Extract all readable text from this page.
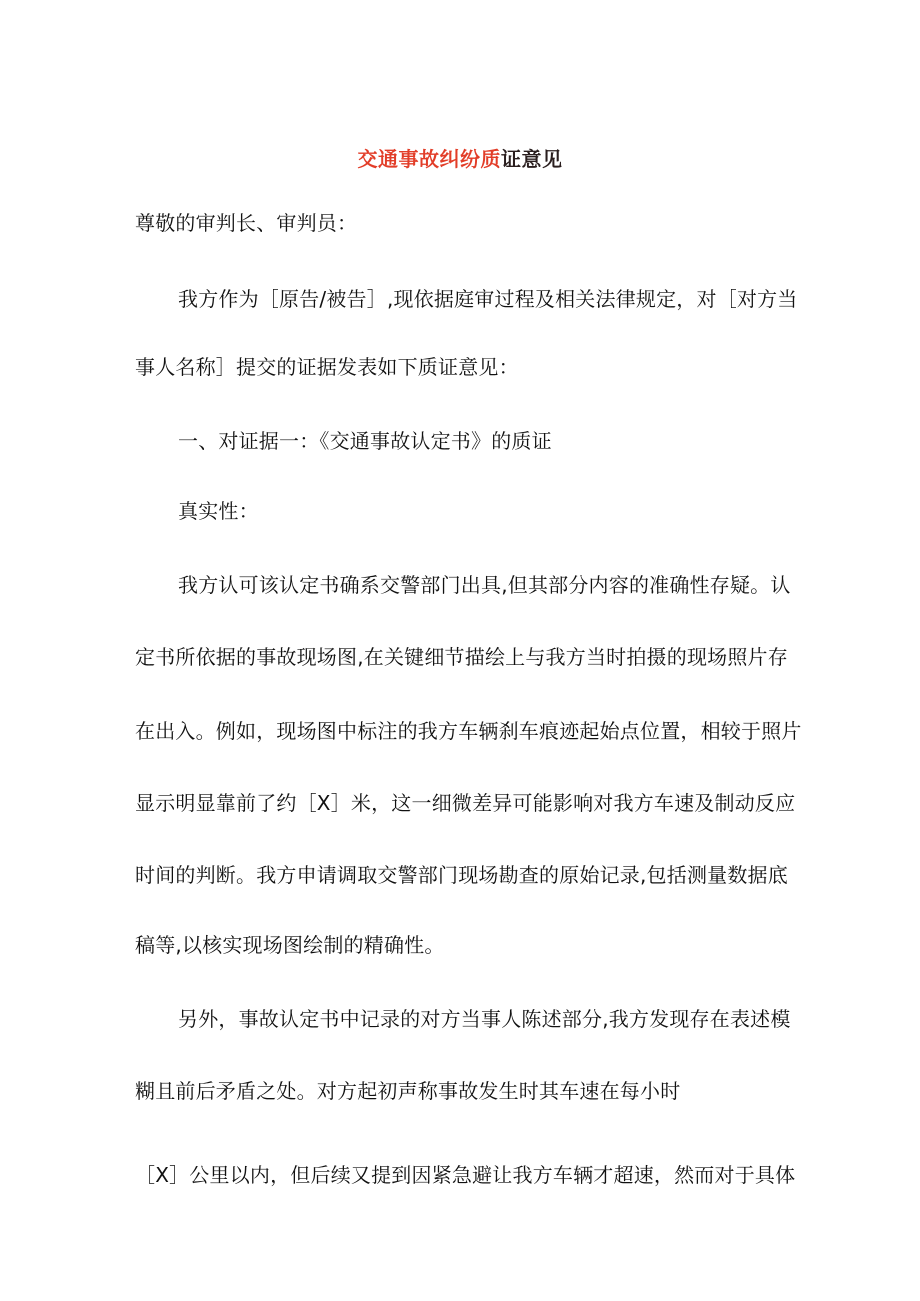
交通事故纠纷质证意见
尊敬的审判长、审判员：
我方作为［原告/被告］,现依据庭审过程及相关法律规定，对［对方当
事人名称］提交的证据发表如下质证意见：
一、对证据一：《交通事故认定书》的质证
真实性：
我方认可该认定书确系交警部门出具,但其部分内容的准确性存疑。认
定书所依据的事故现场图,在关键细节描绘上与我方当时拍摄的现场照片存
在出入。例如，现场图中标注的我方车辆刹车痕迹起始点位置，相较于照片
显示明显靠前了约［X］米，这一细微差异可能影响对我方车速及制动反应
时间的判断。我方申请调取交警部门现场勘查的原始记录,包括测量数据底
稿等,以核实现场图绘制的精确性。
另外，事故认定书中记录的对方当事人陈述部分,我方发现存在表述模
糊且前后矛盾之处。对方起初声称事故发生时其车速在每小时
［X］公里以内，但后续又提到因紧急避让我方车辆才超速，然而对于具体
